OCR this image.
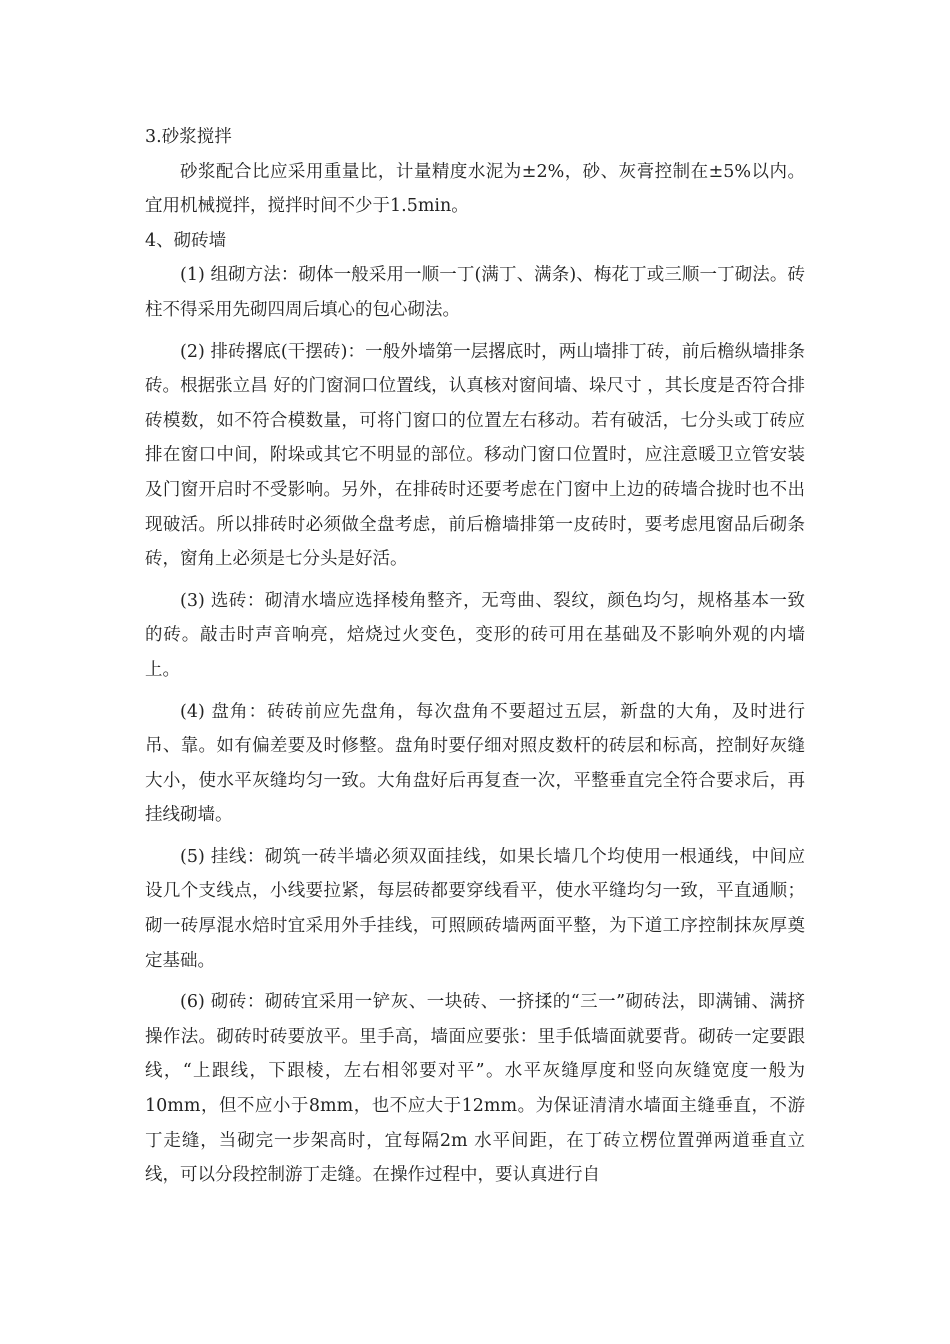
3.砂浆搅拌

砂浆配合比应采用重量比，计量精度水泥为±2%，砂、灰膏控制在±5%以内。宜用机械搅拌，搅拌时间不少于1.5min。

4、砌砖墙

(1) 组砌方法：砌体一般采用一顺一丁(满丁、满条)、梅花丁或三顺一丁砌法。砖柱不得采用先砌四周后填心的包心砌法。

(2) 排砖撂底(干摆砖)：一般外墙第一层撂底时，两山墙排丁砖，前后檐纵墙排条砖。根据张立昌 好的门窗洞口位置线，认真核对窗间墙、垛尺寸 ，其长度是否符合排砖模数，如不符合模数量，可将门窗口的位置左右移动。若有破活，七分头或丁砖应排在窗口中间，附垛或其它不明显的部位。移动门窗口位置时，应注意暖卫立管安装及门窗开启时不受影响。另外，在排砖时还要考虑在门窗中上边的砖墙合拢时也不出现破活。所以排砖时必须做全盘考虑，前后檐墙排第一皮砖时，要考虑甩窗品后砌条砖，窗角上必须是七分头是好活。

(3) 选砖：砌清水墙应选择棱角整齐，无弯曲、裂纹，颜色均匀，规格基本一致的砖。敲击时声音响亮，焙烧过火变色，变形的砖可用在基础及不影响外观的内墙上。

(4) 盘角：砖砖前应先盘角，每次盘角不要超过五层，新盘的大角，及时进行吊、靠。如有偏差要及时修整。盘角时要仔细对照皮数杆的砖层和标高，控制好灰缝大小，使水平灰缝均匀一致。大角盘好后再复查一次，平整垂直完全符合要求后，再挂线砌墙。

(5) 挂线：砌筑一砖半墙必须双面挂线，如果长墙几个均使用一根通线，中间应设几个支线点，小线要拉紧，每层砖都要穿线看平，使水平缝均匀一致，平直通顺；砌一砖厚混水焙时宜采用外手挂线，可照顾砖墙两面平整，为下道工序控制抹灰厚奠定基础。

(6) 砌砖：砌砖宜采用一铲灰、一块砖、一挤揉的“三一”砌砖法，即满铺、满挤操作法。砌砖时砖要放平。里手高，墙面应要张：里手低墙面就要背。砌砖一定要跟线，“上跟线，下跟棱，左右相邻要对平”。水平灰缝厚度和竖向灰缝宽度一般为10mm，但不应小于8mm，也不应大于12mm。为保证清清水墙面主缝垂直，不游丁走缝，当砌完一步架高时，宜每隔2m 水平间距，在丁砖立楞位置弹两道垂直立线，可以分段控制游丁走缝。在操作过程中，要认真进行自
